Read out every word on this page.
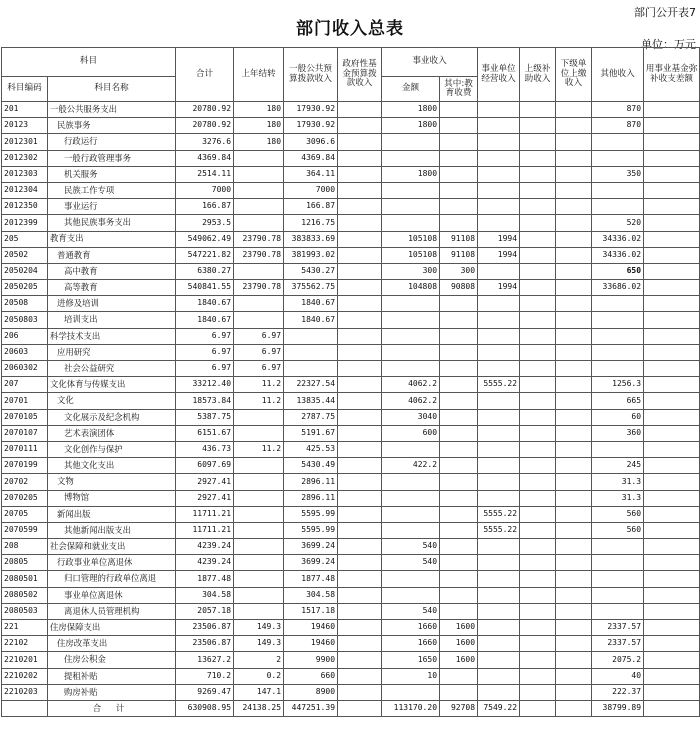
部门公开表7
部门收入总表
单位：万元
科目		合计	上年结转	一般公共预算拨款收入	政府性基金预算拨款收入	事业收入		事业单位经营收入	上级补助收入	下级单位上缴收入	其他收入	用事业基金弥补收支差额
科目编码	科目名称					金额	其中:教育收费					
201	一般公共服务支出	20780.92	180	17930.92		1800					870	
20123	民族事务	20780.92	180	17930.92		1800					870	
2012301	行政运行	3276.6	180	3096.6								
2012302	一般行政管理事务	4369.84		4369.84								
2012303	机关服务	2514.11		364.11		1800					350	
2012304	民族工作专项	7000		7000								
2012350	事业运行	166.87		166.87								
2012399	其他民族事务支出	2953.5		1216.75							520	
205	教育支出	549062.49	23790.78	383833.69		105108	91108	1994			34336.02	
20502	普通教育	547221.82	23790.78	381993.02		105108	91108	1994			34336.02	
2050204	高中教育	6380.27		5430.27		300	300				650	
2050205	高等教育	540841.55	23790.78	375562.75		104808	90808	1994			33686.02	
20508	进修及培训	1840.67		1840.67								
2050803	培训支出	1840.67		1840.67								
206	科学技术支出	6.97	6.97									
20603	应用研究	6.97	6.97									
2060302	社会公益研究	6.97	6.97									
207	文化体育与传媒支出	33212.40	11.2	22327.54		4062.2		5555.22			1256.3	
20701	文化	18573.84	11.2	13835.44		4062.2					665	
2070105	文化展示及纪念机构	5387.75		2787.75		3040					60	
2070107	艺术表演团体	6151.67		5191.67		600					360	
2070111	文化创作与保护	436.73	11.2	425.53								
2070199	其他文化支出	6097.69		5430.49		422.2					245	
20702	文物	2927.41		2896.11							31.3	
2070205	博物馆	2927.41		2896.11							31.3	
20705	新闻出版	11711.21		5595.99				5555.22			560	
2070599	其他新闻出版支出	11711.21		5595.99				5555.22			560	
208	社会保障和就业支出	4239.24		3699.24		540						
20805	行政事业单位离退休	4239.24		3699.24		540						
2080501	归口管理的行政单位离退	1877.48		1877.48								
2080502	事业单位离退休	304.58		304.58								
2080503	离退休人员管理机构	2057.18		1517.18		540						
221	住房保障支出	23506.87	149.3	19460		1660	1600				2337.57	
22102	住房改革支出	23506.87	149.3	19460		1660	1600				2337.57	
2210201	住房公积金	13627.2	2	9900		1650	1600				2075.2	
2210202	提租补贴	710.2	0.2	660		10					40	
2210203	购房补贴	9269.47	147.1	8900							222.37	
	合 计	630908.95	24138.25	447251.39		113170.20	92708	7549.22			38799.89	
